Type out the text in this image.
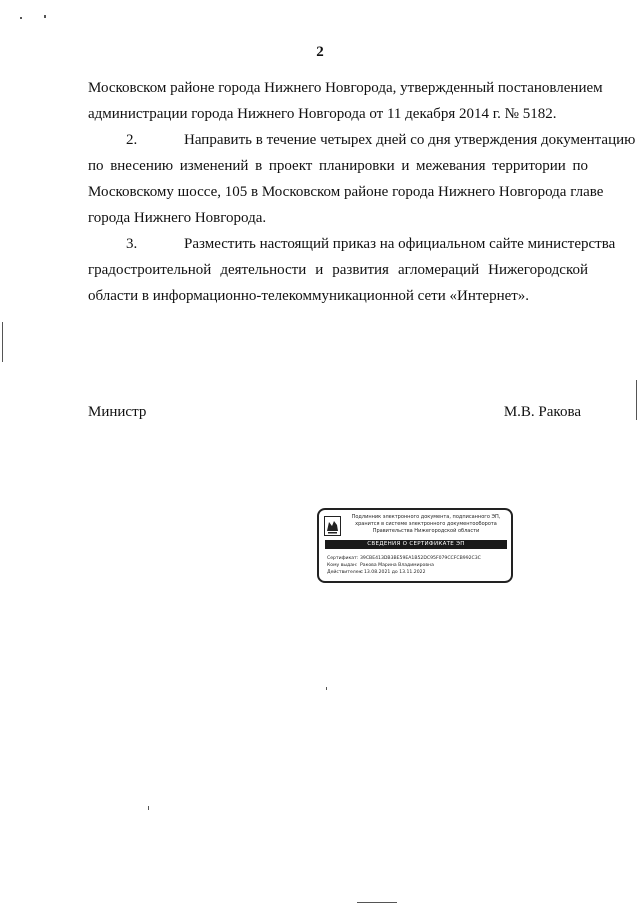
2
Московском районе города Нижнего Новгорода, утвержденный постановлением
администрации города Нижнего Новгорода от 11 декабря 2014 г. № 5182.
2.	Направить в течение четырех дней со дня утверждения документацию
по внесению изменений в проект планировки и межевания территории по
Московскому шоссе, 105 в Московском районе города Нижнего Новгорода главе
города Нижнего Новгорода.
3.	Разместить настоящий приказ на официальном сайте министерства
градостроительной деятельности и развития агломераций Нижегородской
области в информационно-телекоммуникационной сети «Интернет».
Министр	М.В. Ракова
Подлинник электронного документа, подписанного ЭП,
хранится в системе электронного документооборота
Правительства Нижегородской области
СВЕДЕНИЯ О СЕРТИФИКАТЕ ЭП
Сертификат: 39CBE413DB3BE59EA1B52DC95F079CCFCB992C3C
Кому выдан: Ракова Марина Владимировна
Действителен:с 13.08.2021 до 13.11.2022
